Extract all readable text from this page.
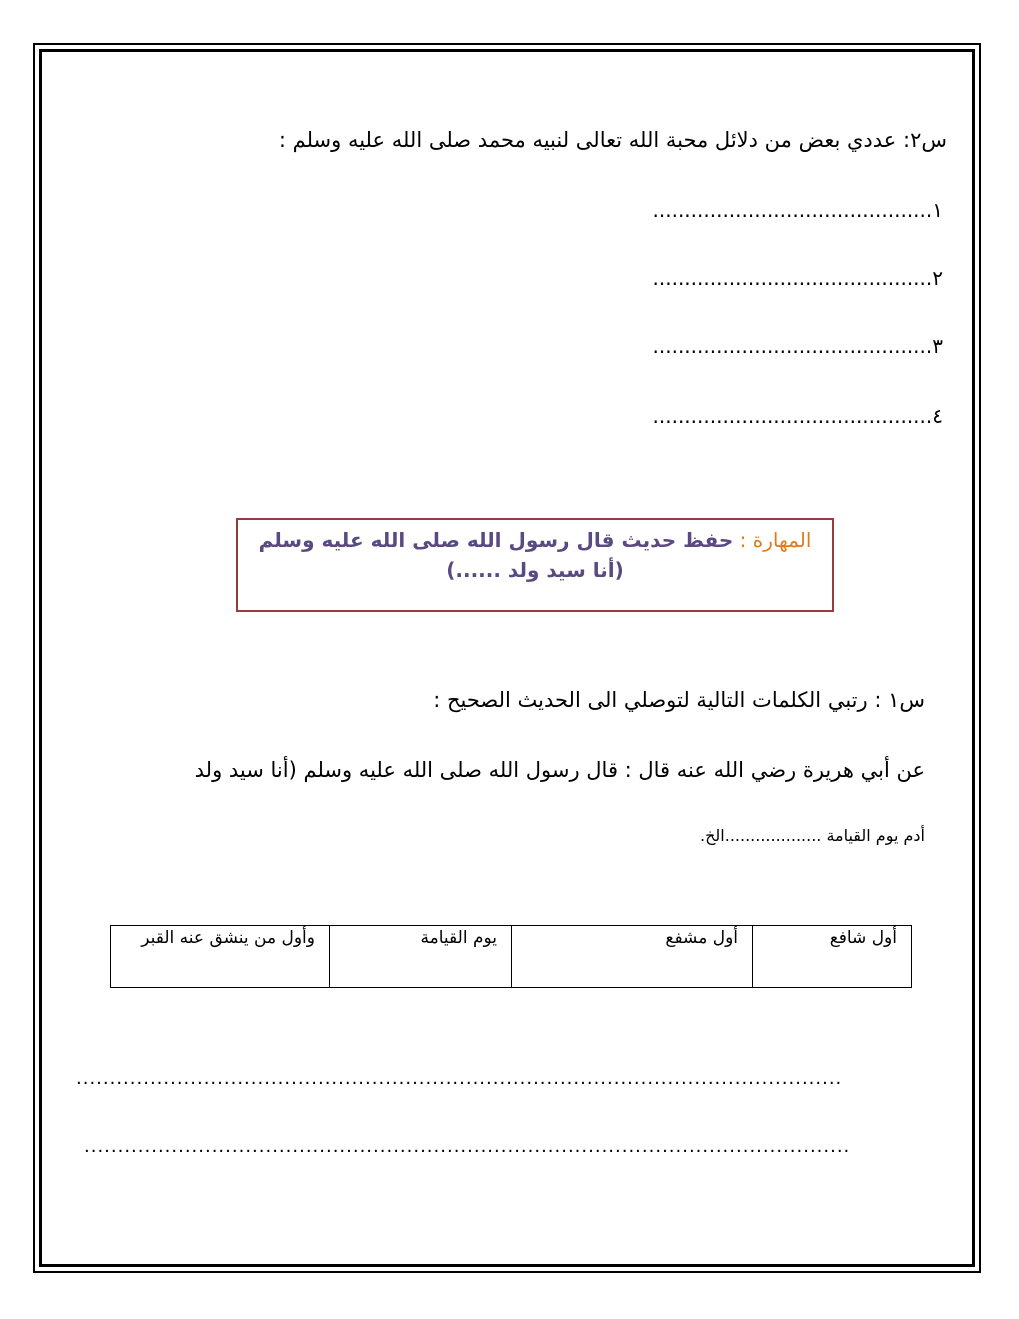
س٢: عددي بعض من دلائل محبة الله تعالى لنبيه محمد صلى الله عليه وسلم :
١............................................
٢............................................
٣............................................
٤............................................
المهارة : حفظ حديث قال رسول الله صلى الله عليه وسلم
(أنا سيد ولد ......)
س١ : رتبي الكلمات التالية لتوصلي الى الحديث الصحيح :
عن أبي هريرة رضي الله عنه قال : قال رسول الله صلى الله عليه وسلم (أنا سيد ولد
أدم يوم القيامة ...................الخ.
أول شافع	أول مشفع	يوم القيامة	وأول من ينشق عنه القبر
..................................................................................................................
..................................................................................................................
